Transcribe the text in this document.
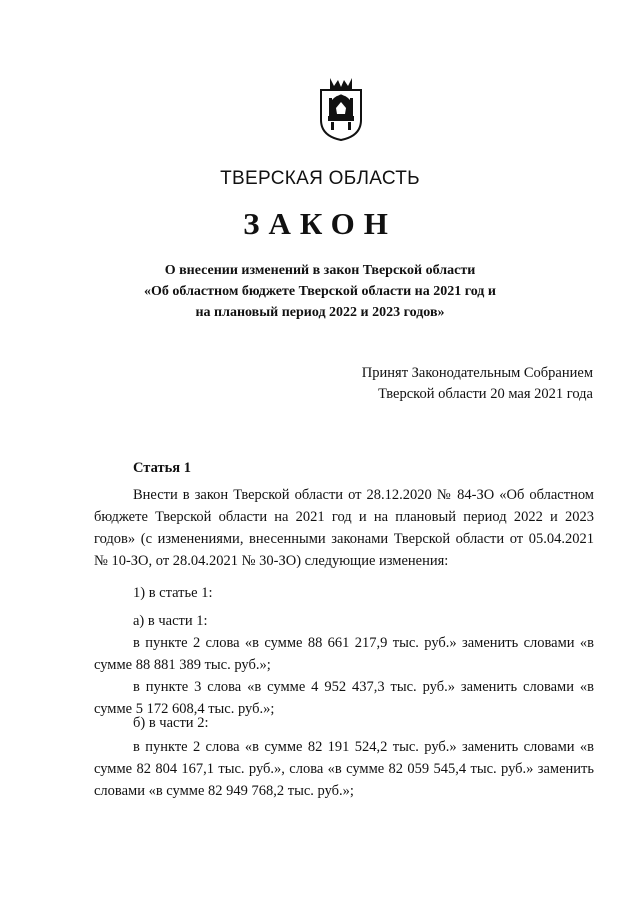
ТВЕРСКАЯ ОБЛАСТЬ
ЗАКОН
О внесении изменений в закон Тверской области
«Об областном бюджете Тверской области на 2021 год и
на плановый период 2022 и 2023 годов»
Принят Законодательным Собранием
Тверской области 20 мая 2021 года
Статья 1
Внести в закон Тверской области от 28.12.2020 № 84-ЗО «Об областном бюджете Тверской области на 2021 год и на плановый период 2022 и 2023 годов» (с изменениями, внесенными законами Тверской области от 05.04.2021 № 10-ЗО, от 28.04.2021 № 30-ЗО) следующие изменения:
1) в статье 1:
а) в части 1:
в пункте 2 слова «в сумме 88 661 217,9 тыс. руб.» заменить словами «в сумме 88 881 389 тыс. руб.»;
в пункте 3 слова «в сумме 4 952 437,3 тыс. руб.» заменить словами «в сумме 5 172 608,4 тыс. руб.»;
б) в части 2:
в пункте 2 слова «в сумме 82 191 524,2 тыс. руб.» заменить словами «в сумме 82 804 167,1 тыс. руб.», слова «в сумме 82 059 545,4 тыс. руб.» заменить словами «в сумме 82 949 768,2 тыс. руб.»;
